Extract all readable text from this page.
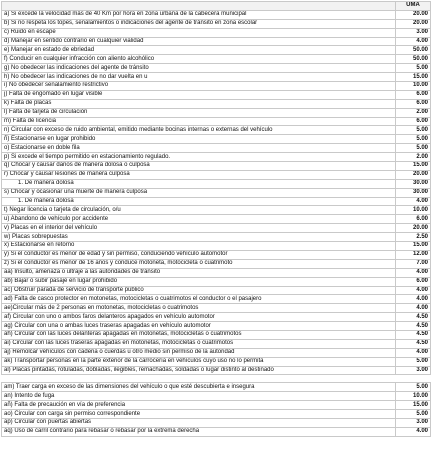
	UMA
a) Si excede la velocidad más de 40 Km por hora en zona urbana de la cabecera municipal	20.00
b) Si no respeta los topes, señalamientos o indicaciones del agente de tránsito en zona escolar	20.00
c) Ruido en escape	3.00
d) Manejar en sentido contrario en cualquier vialidad	4.00
e) Manejar en estado de ebriedad	50.00
f) Conducir en cualquier infracción con aliento alcohólico	50.00
g) No obedecer las indicaciones del agente de tránsito	5.00
h) No obedecer las indicaciones de no dar vuelta en u	15.00
i) No obedecer señalamiento restrictivo	10.00
j) Falta de engomado en lugar visible	6.00
k) Falta de placas	6.00
l) Falta de tarjeta de circulación	2.00
m) Falta de licencia	6.00
n) Circular con exceso de ruido ambiental, emitido mediante bocinas internas o externas del vehículo	5.00
ñ) Estacionarse en lugar prohibido	5.00
o) Estacionarse en doble fila	5.00
p) Si excede el tiempo permitido en estacionamiento regulado.	2.00
q) Chocar y causar daños de manera dolosa o culposa	15.00
r) Chocar y causar lesiones de manera culposa	20.00
1. De manera dolosa	30.00
s) Chocar y ocasionar una muerte de manera culposa	30.00
1. De manera dolosa	4.00
t) Negar licencia o tarjeta de circulación, o/u	10.00
u) Abandono de vehículo por accidente	6.00
v) Placas en el interior del vehículo	20.00
w) Placas sobrepuestas	2.50
x) Estacionarse en retorno	15.00
y) Si el conductor es menor de edad y sin permiso, conduciendo vehículo automotor	12.00
z) Si el conductor es menor de 16 años y conduce motoneta, motocicleta o cuatrimoto	7.00
aa) Insulto, amenaza o ultraje a las autoridades de tránsito	4.00
ab) Bajar o subir pasaje en lugar prohibido	6.00
ac) Obstruir parada de servicio de transporte público	4.00
ad) Falta de casco protector en motonetas, motocicletas o cuatrimotos el conductor o el pasajero	4.00
ae)Circular más de 2 personas en motonetas, motocicletas o cuatrimotos	4.00
af) Circular con uno o ambos faros delanteros apagados en vehículo automotor	4.50
ag) Circular con una o ambas luces traseras apagadas en vehículo automotor	4.50
ah) Circular con las luces delanteras apagadas en motonetas, motocicletas o cuatrimotos	4.50
ai) Circular con las luces traseras apagadas en motonetas, motocicletas o cuatrimotos	4.50
aj) Remolcar vehículos con cadena o cuerdas u otro medio sin permiso de la autoridad	4.00
ak) Transportar personas en la parte exterior de la carrocería en vehículos cuyo uso no lo permita	5.00
al) Placas pintadas, rotuladas, dobladas, ilegibles, remachadas, soldadas o lugar distinto al destinado	3.00

am) Traer carga en exceso de las dimensiones del vehículo o que esté descubierta e insegura	5.00
an) Intento de fuga	10.00
añ) Falta de precaución en vía de preferencia	15.00
ao) Circular con carga sin permiso correspondiente	5.00
ap) Circular con puertas abiertas	3.00
aq) Uso de carril contrario para rebasar o rebasar por la extrema derecha	4.00
